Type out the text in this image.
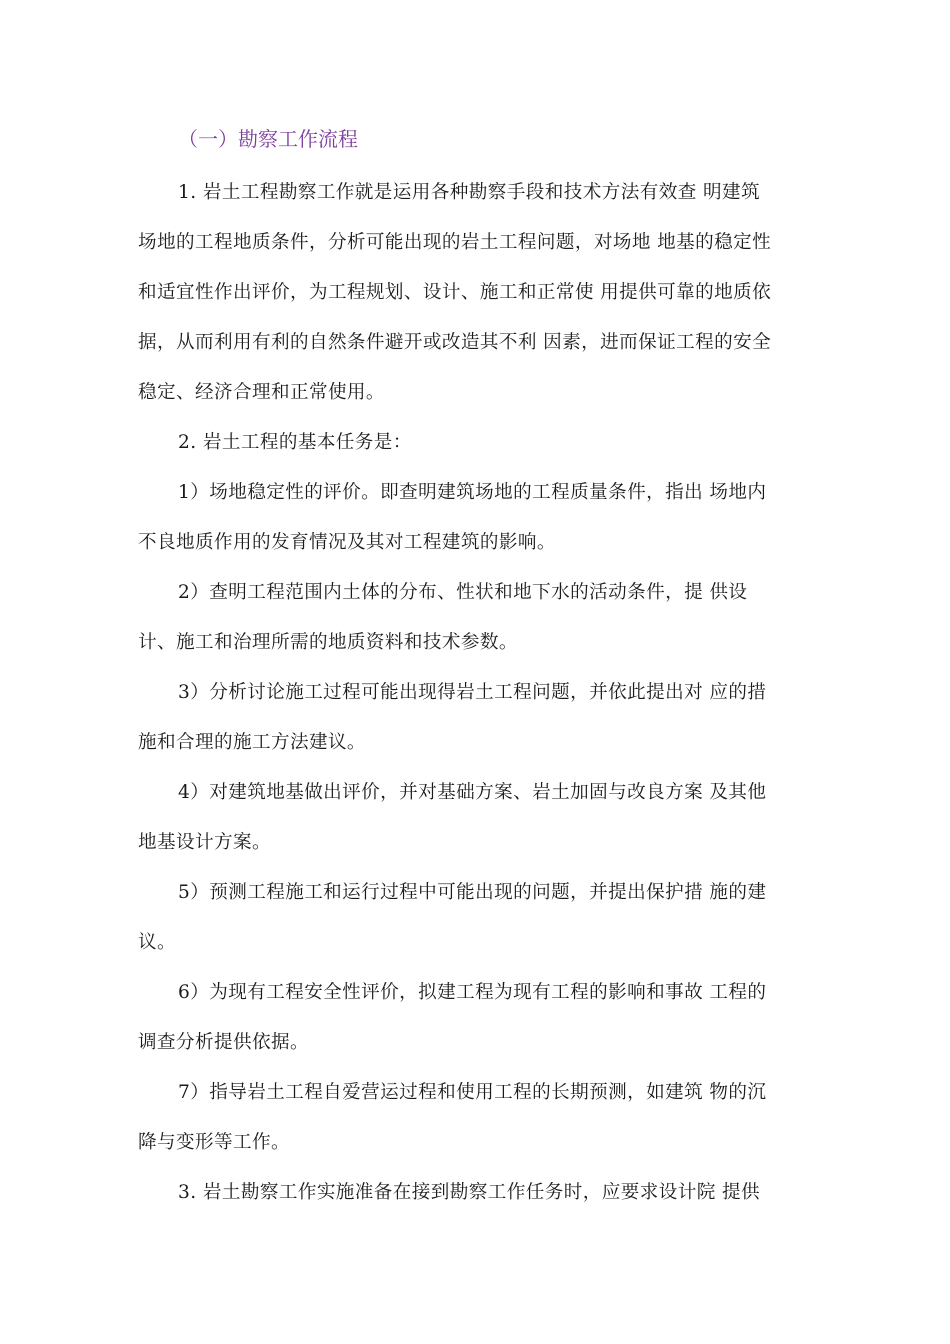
（一）勘察工作流程
1. 岩土工程勘察工作就是运用各种勘察手段和技术方法有效查 明建筑
场地的工程地质条件，分析可能出现的岩土工程问题，对场地 地基的稳定性
和适宜性作出评价，为工程规划、设计、施工和正常使 用提供可靠的地质依
据，从而利用有利的自然条件避开或改造其不利 因素，进而保证工程的安全
稳定、经济合理和正常使用。
2. 岩土工程的基本任务是：
1）场地稳定性的评价。即查明建筑场地的工程质量条件，指出 场地内
不良地质作用的发育情况及其对工程建筑的影响。
2）查明工程范围内土体的分布、性状和地下水的活动条件，提 供设
计、施工和治理所需的地质资料和技术参数。
3）分析讨论施工过程可能出现得岩土工程问题，并依此提出对 应的措
施和合理的施工方法建议。
4）对建筑地基做出评价，并对基础方案、岩土加固与改良方案 及其他
地基设计方案。
5）预测工程施工和运行过程中可能出现的问题，并提出保护措 施的建
议。
6）为现有工程安全性评价，拟建工程为现有工程的影响和事故 工程的
调查分析提供依据。
7）指导岩土工程自爱营运过程和使用工程的长期预测，如建筑 物的沉
降与变形等工作。
3. 岩土勘察工作实施准备在接到勘察工作任务时，应要求设计院 提供
